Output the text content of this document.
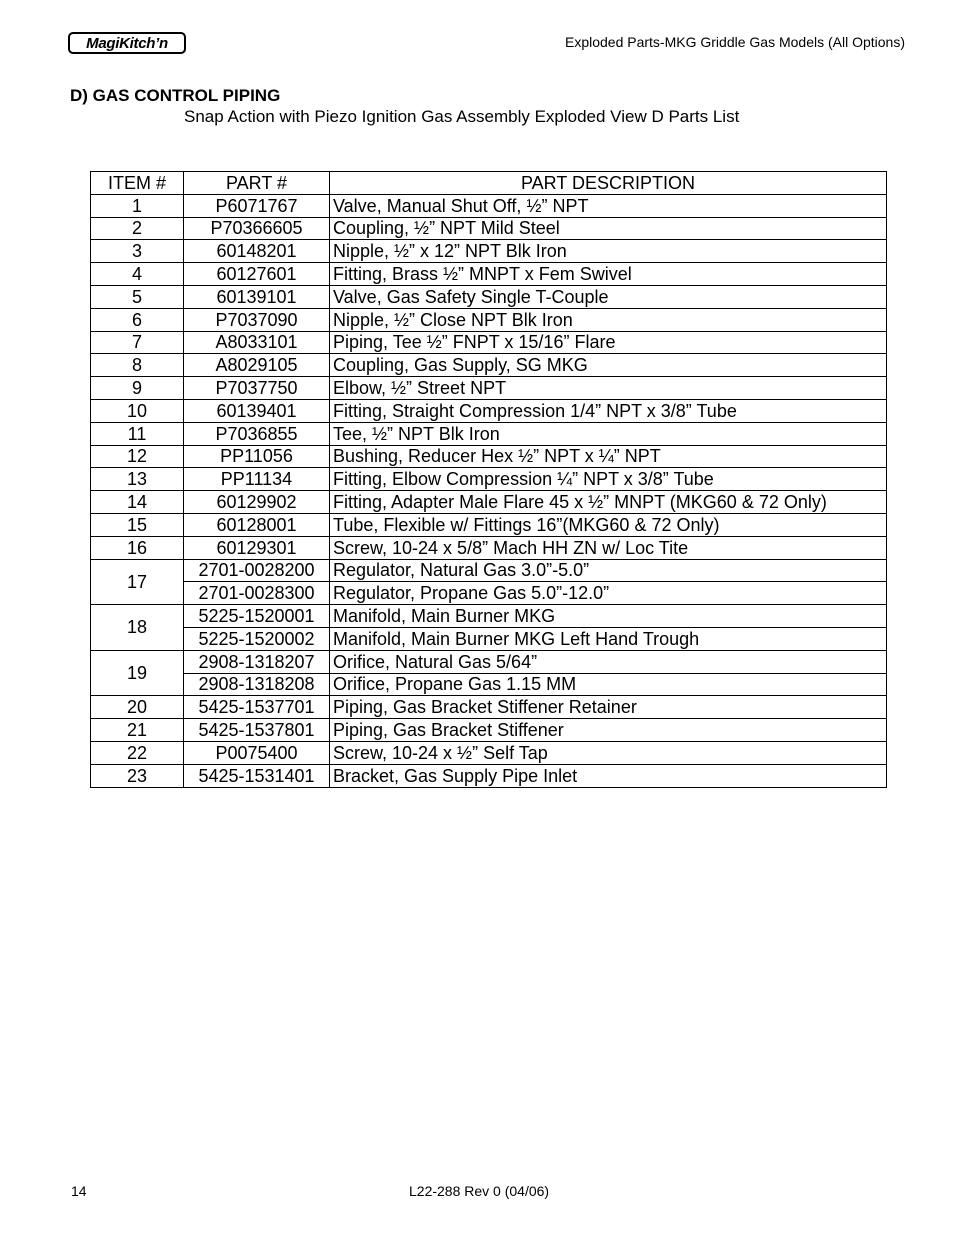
MagiKitch’n	Exploded Parts-MKG Griddle Gas Models (All Options)
D) GAS CONTROL PIPING
Snap Action with Piezo Ignition Gas Assembly Exploded View D Parts List
ITEM #	PART #	PART DESCRIPTION
1	P6071767	Valve, Manual Shut Off, ½” NPT
2	P70366605	Coupling, ½” NPT Mild Steel
3	60148201	Nipple, ½” x 12” NPT Blk Iron
4	60127601	Fitting, Brass ½” MNPT x Fem Swivel
5	60139101	Valve, Gas Safety Single T-Couple
6	P7037090	Nipple, ½” Close NPT Blk Iron
7	A8033101	Piping, Tee ½” FNPT x 15/16” Flare
8	A8029105	Coupling, Gas Supply, SG MKG
9	P7037750	Elbow, ½” Street NPT
10	60139401	Fitting, Straight Compression 1/4” NPT x 3/8” Tube
11	P7036855	Tee, ½” NPT Blk Iron
12	PP11056	Bushing, Reducer Hex ½” NPT x ¼” NPT
13	PP11134	Fitting, Elbow Compression ¼” NPT x 3/8” Tube
14	60129902	Fitting, Adapter Male Flare 45 x ½” MNPT (MKG60 & 72 Only)
15	60128001	Tube, Flexible w/ Fittings 16”(MKG60 & 72 Only)
16	60129301	Screw, 10-24 x 5/8” Mach HH ZN w/ Loc Tite
17	2701-0028200	Regulator, Natural Gas 3.0”-5.0”
	2701-0028300	Regulator, Propane Gas 5.0”-12.0”
18	5225-1520001	Manifold, Main Burner MKG
	5225-1520002	Manifold, Main Burner MKG Left Hand Trough
19	2908-1318207	Orifice, Natural Gas 5/64”
	2908-1318208	Orifice, Propane Gas 1.15 MM
20	5425-1537701	Piping, Gas Bracket Stiffener Retainer
21	5425-1537801	Piping, Gas Bracket Stiffener
22	P0075400	Screw, 10-24 x ½” Self Tap
23	5425-1531401	Bracket, Gas Supply Pipe Inlet
14	L22-288 Rev 0 (04/06)
